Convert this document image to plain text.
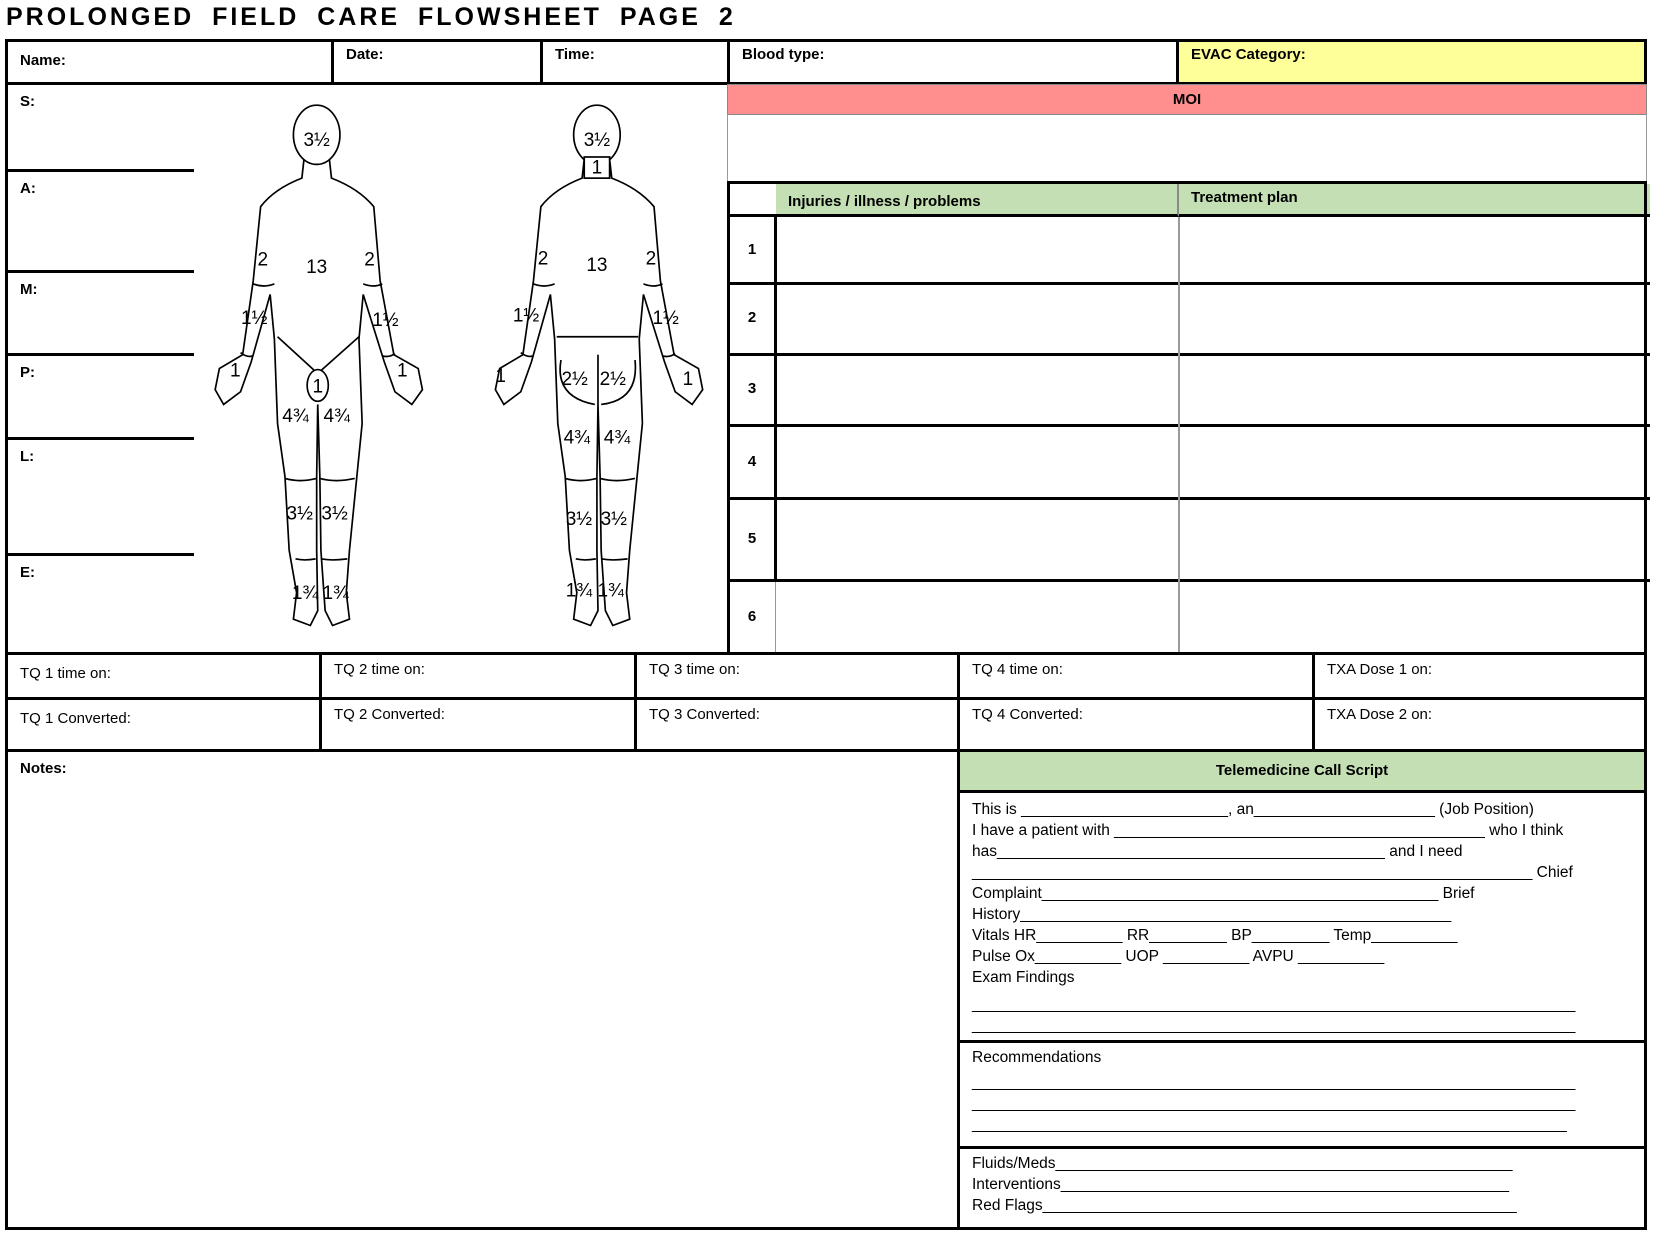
PROLONGED FIELD CARE FLOWSHEET PAGE 2
Name:	Date:	Time:	Blood type:	EVAC Category:
S:
A:
M:
P:
L:
E:
3½
13
2	2
1½	1½
1	1
1
4¾ 4¾
3½ 3½
1¾ 1¾
3½
1
13
2	2
1½	1½
1	1
2½ 2½
4¾ 4¾
3½ 3½
1¾ 1¾
MOI
Injuries / illness / problems	Treatment plan
1
2
3
4
5
6
TQ 1 time on:	TQ 2 time on:	TQ 3 time on:	TQ 4 time on:	TXA Dose 1 on:
TQ 1 Converted:	TQ 2 Converted:	TQ 3 Converted:	TQ 4 Converted:	TXA Dose 2 on:
Notes:	Telemedicine Call Script
This is ________________________, an_____________________ (Job Position)
I have a patient with ___________________________________________ who I think
has_____________________________________________ and I need
_________________________________________________________________ Chief
Complaint______________________________________________ Brief
History__________________________________________________
Vitals HR__________ RR_________ BP_________ Temp__________
Pulse Ox__________ UOP __________ AVPU __________
Exam Findings
______________________________________________________________________
______________________________________________________________________
Recommendations
______________________________________________________________________
______________________________________________________________________
_____________________________________________________________________
Fluids/Meds_____________________________________________________
Interventions____________________________________________________
Red Flags_______________________________________________________
